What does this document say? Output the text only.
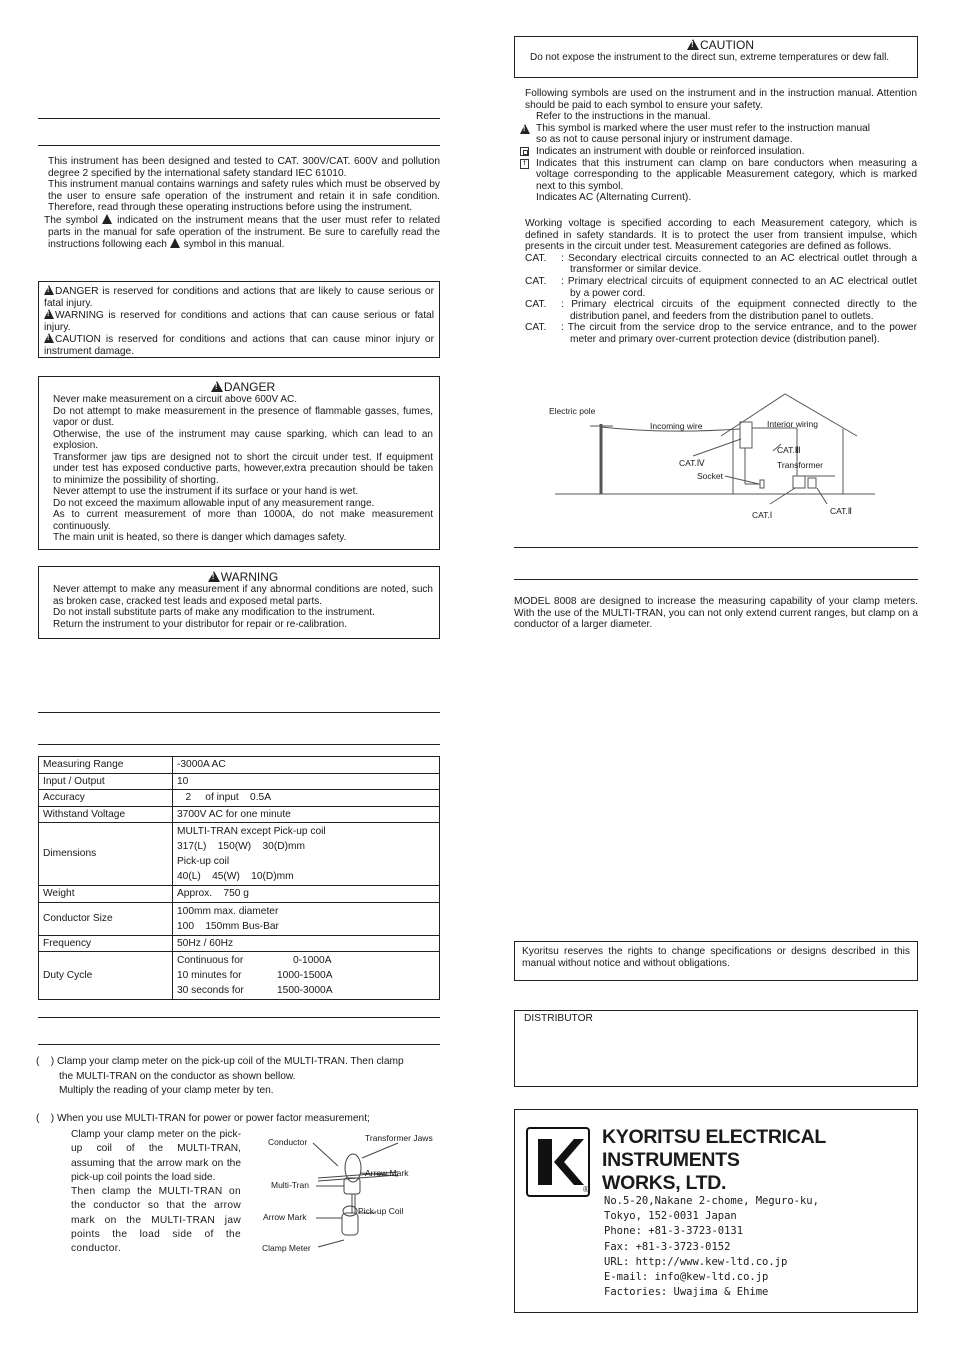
This instrument has been designed and tested to CAT. 300V/CAT. 600V and pollution degree 2 specified by the international safety standard IEC 61010.

This instrument manual contains warnings and safety rules which must be observed by the user to ensure safe operation of the instrument and retain it in safe condition. Therefore, read through these operating instructions before using the instrument.

The symbol ! indicated on the instrument means that the user must refer to related parts in the manual for safe operation of the instrument. Be sure to carefully read the instructions following each ! symbol in this manual.

!DANGER is reserved for conditions and actions that are likely to cause serious or fatal injury.

!WARNING is reserved for conditions and actions that can cause serious or fatal injury.

!CAUTION is reserved for conditions and actions that can cause minor injury or instrument damage.

!DANGER

Never make measurement on a circuit above 600V AC.

Do not attempt to make measurement in the presence of flammable gasses, fumes, vapor or dust.

Otherwise, the use of the instrument may cause sparking, which can lead to an explosion.

Transformer jaw tips are designed not to short the circuit under test. If equipment under test has exposed conductive parts, however,extra precaution should be taken to minimize the possibility of shorting.

Never attempt to use the instrument if its surface or your hand is wet.

Do not exceed the maximum allowable input of any measurement range.

As to current measurement of more than 1000A, do not make measurement continuously.

The main unit is heated, so there is danger which damages safety.

!WARNING

Never attempt to make any measurement if any abnormal conditions are noted, such as broken case, cracked test leads and exposed metal parts.

Do not install substitute parts of make any modification to the instrument.

Return the instrument to your distributor for repair or re-calibration.

Measuring Range	-3000A AC
Input / Output	10
Accuracy	2     of input    0.5A
Withstand Voltage	3700V AC for one minute
Dimensions	MULTI-TRAN except Pick-up coil
317(L)    150(W)    30(D)mm
Pick-up coil
40(L)    45(W)    10(D)mm

Weight	Approx.    750 g
Conductor Size	100mm max. diameter
100    150mm Bus-Bar

Frequency	50Hz / 60Hz
Duty Cycle	Continuous for 0-1000A
10 minutes for 1000-1500A
30 seconds for 1500-3000A
(    ) Clamp your clamp meter on the pick-up coil of the MULTI-TRAN. Then clamp
the MULTI-TRAN on the conductor as shown bellow.
Multiply the reading of your clamp meter by ten.
(    ) When you use MULTI-TRAN for power or power factor measurement;

Clamp your clamp meter on the pick-up coil of the MULTI-TRAN, assuming that the arrow mark on the pick-up coil points the load side.

Then clamp the MULTI-TRAN on the conductor so that the arrow mark on the MULTI-TRAN jaw points the load side of the conductor.

Conductor	Transformer Jaws
Arrow Mark
Multi-Tran
Arrow Mark
Pick-up Coil
Clamp Meter
!CAUTION
Do not expose the instrument to the direct sun, extreme temperatures or dew fall.

Following symbols are used on the instrument and in the instruction manual. Attention should be paid to each symbol to ensure your safety.

Refer to the instructions in the manual.

!
This symbol is marked where the user must refer to the instruction manual

so as not to cause personal injury or instrument damage.

Indicates an instrument with double or reinforced insulation.

f	Indicates that this instrument can clamp on bare conductors when measuring a voltage corresponding to the applicable Measurement category, which is marked next to this symbol.

Indicates AC (Alternating Current).

Working voltage is specified according to each Measurement category, which is defined in safety standards. It is to protect the user from transient impulse, which presents in the circuit under test. Measurement categories are defined as follows.

CAT.	: Secondary electrical circuits connected to an AC electrical outlet through a transformer or similar device.
CAT.	: Primary electrical circuits of equipment connected to an AC electrical outlet by a power cord.
CAT.	: Primary electrical circuits of the equipment connected directly to the distribution panel, and feeders from the distribution panel to outlets.
CAT.	: The circuit from the service drop to the service entrance, and to the power meter and primary over-current protection device (distribution panel).
Electric pole
Incoming wire	Interior wiring
CAT.Ⅲ
CAT.Ⅳ	Transformer
Socket
CAT.Ⅰ	CAT.Ⅱ
MODEL 8008 are designed to increase the measuring capability of your clamp meters. With the use of the MULTI-TRAN, you can not only extend current ranges, but clamp on a conductor of a larger diameter.
Kyoritsu reserves the rights to change specifications or designs described in this manual without notice and without obligations.
DISTRIBUTOR
®
KYORITSU ELECTRICAL
INSTRUMENTS
WORKS, LTD.
No.5-20,Nakane 2-chome, Meguro-ku,
Tokyo, 152-0031 Japan
Phone: +81-3-3723-0131
Fax: +81-3-3723-0152
URL: http://www.kew-ltd.co.jp
E-mail: info@kew-ltd.co.jp
Factories: Uwajima & Ehime
